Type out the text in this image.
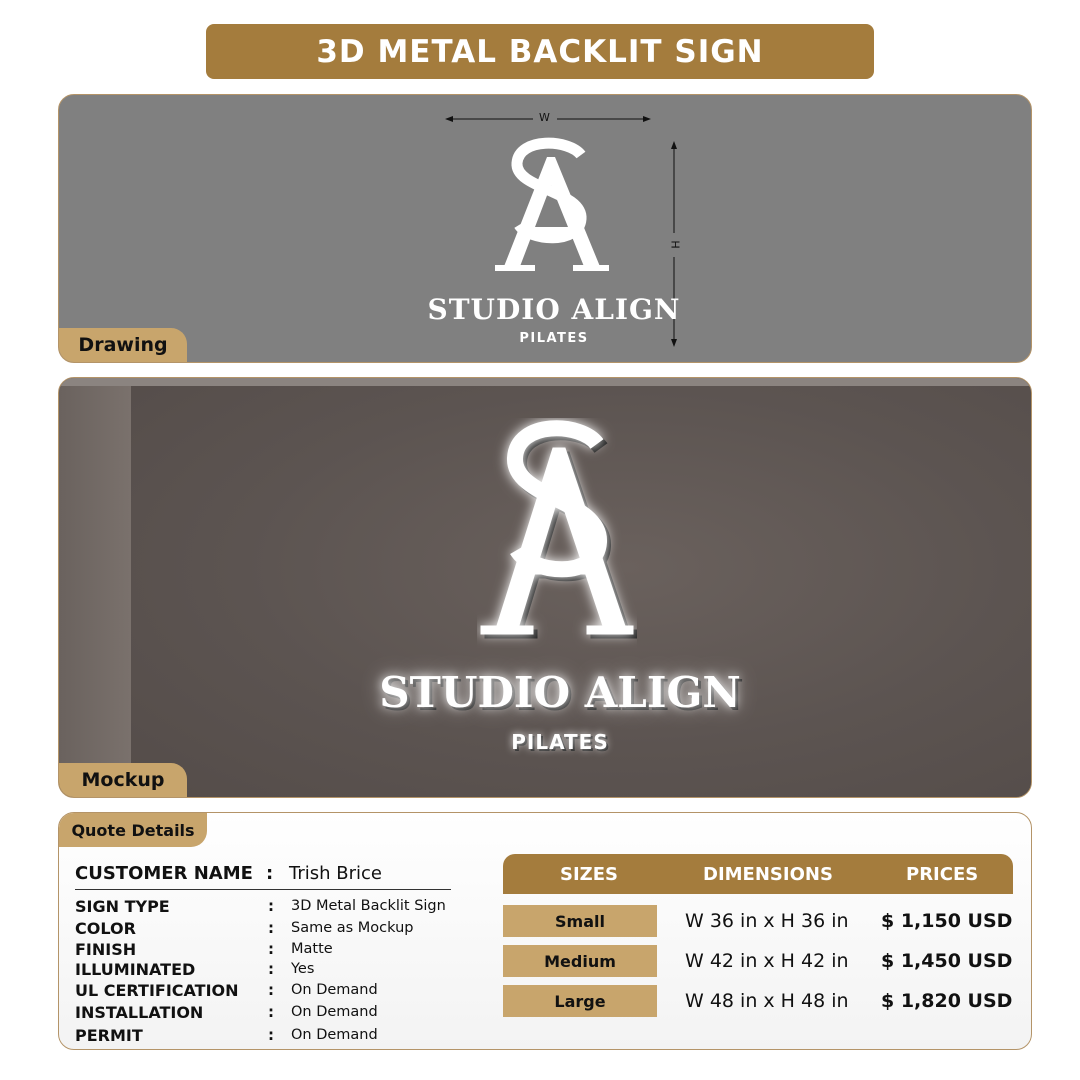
3D METAL BACKLIT SIGN
W
H
STUDIO ALIGN
PILATES
Drawing
STUDIO ALIGN
PILATES
Mockup
Quote Details
CUSTOMER NAME : Trish Brice
SIGN TYPE	: 3D Metal Backlit Sign
COLOR	: Same as Mockup
FINISH	: Matte
ILLUMINATED	: Yes
UL CERTIFICATION : On Demand
INSTALLATION	: On Demand
PERMIT	: On Demand
SIZES	DIMENSIONS	PRICES
Small	W 36 in x H 36 in $ 1,150 USD
Medium	W 42 in x H 42 in $ 1,450 USD
Large	W 48 in x H 48 in $ 1,820 USD
